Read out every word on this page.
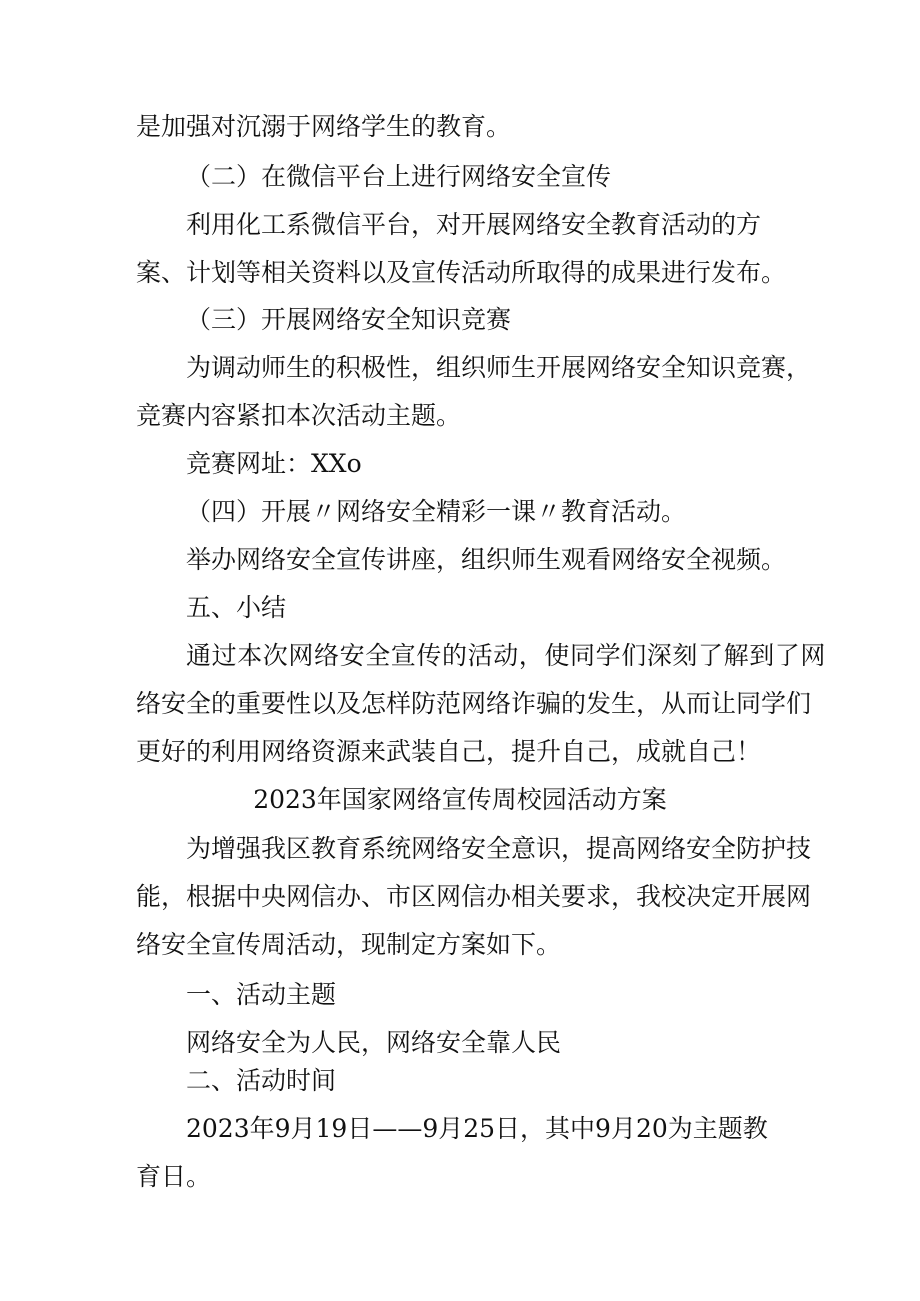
是加强对沉溺于网络学生的教育。
（二）在微信平台上进行网络安全宣传
利用化工系微信平台，对开展网络安全教育活动的方
案、计划等相关资料以及宣传活动所取得的成果进行发布。
（三）开展网络安全知识竞赛
为调动师生的积极性，组织师生开展网络安全知识竞赛，
竞赛内容紧扣本次活动主题。
竞赛网址：XXo
（四）开展〃网络安全精彩一课〃教育活动。
举办网络安全宣传讲座，组织师生观看网络安全视频。
五、小结
通过本次网络安全宣传的活动，使同学们深刻了解到了网
络安全的重要性以及怎样防范网络诈骗的发生，从而让同学们
更好的利用网络资源来武装自己，提升自己，成就自己！
2023年国家网络宣传周校园活动方案
为增强我区教育系统网络安全意识，提高网络安全防护技
能，根据中央网信办、市区网信办相关要求，我校决定开展网
络安全宣传周活动，现制定方案如下。
一、活动主题
网络安全为人民，网络安全靠人民
二、活动时间
2023年9月19日——9月25日，其中9月20为主题教
育日。
